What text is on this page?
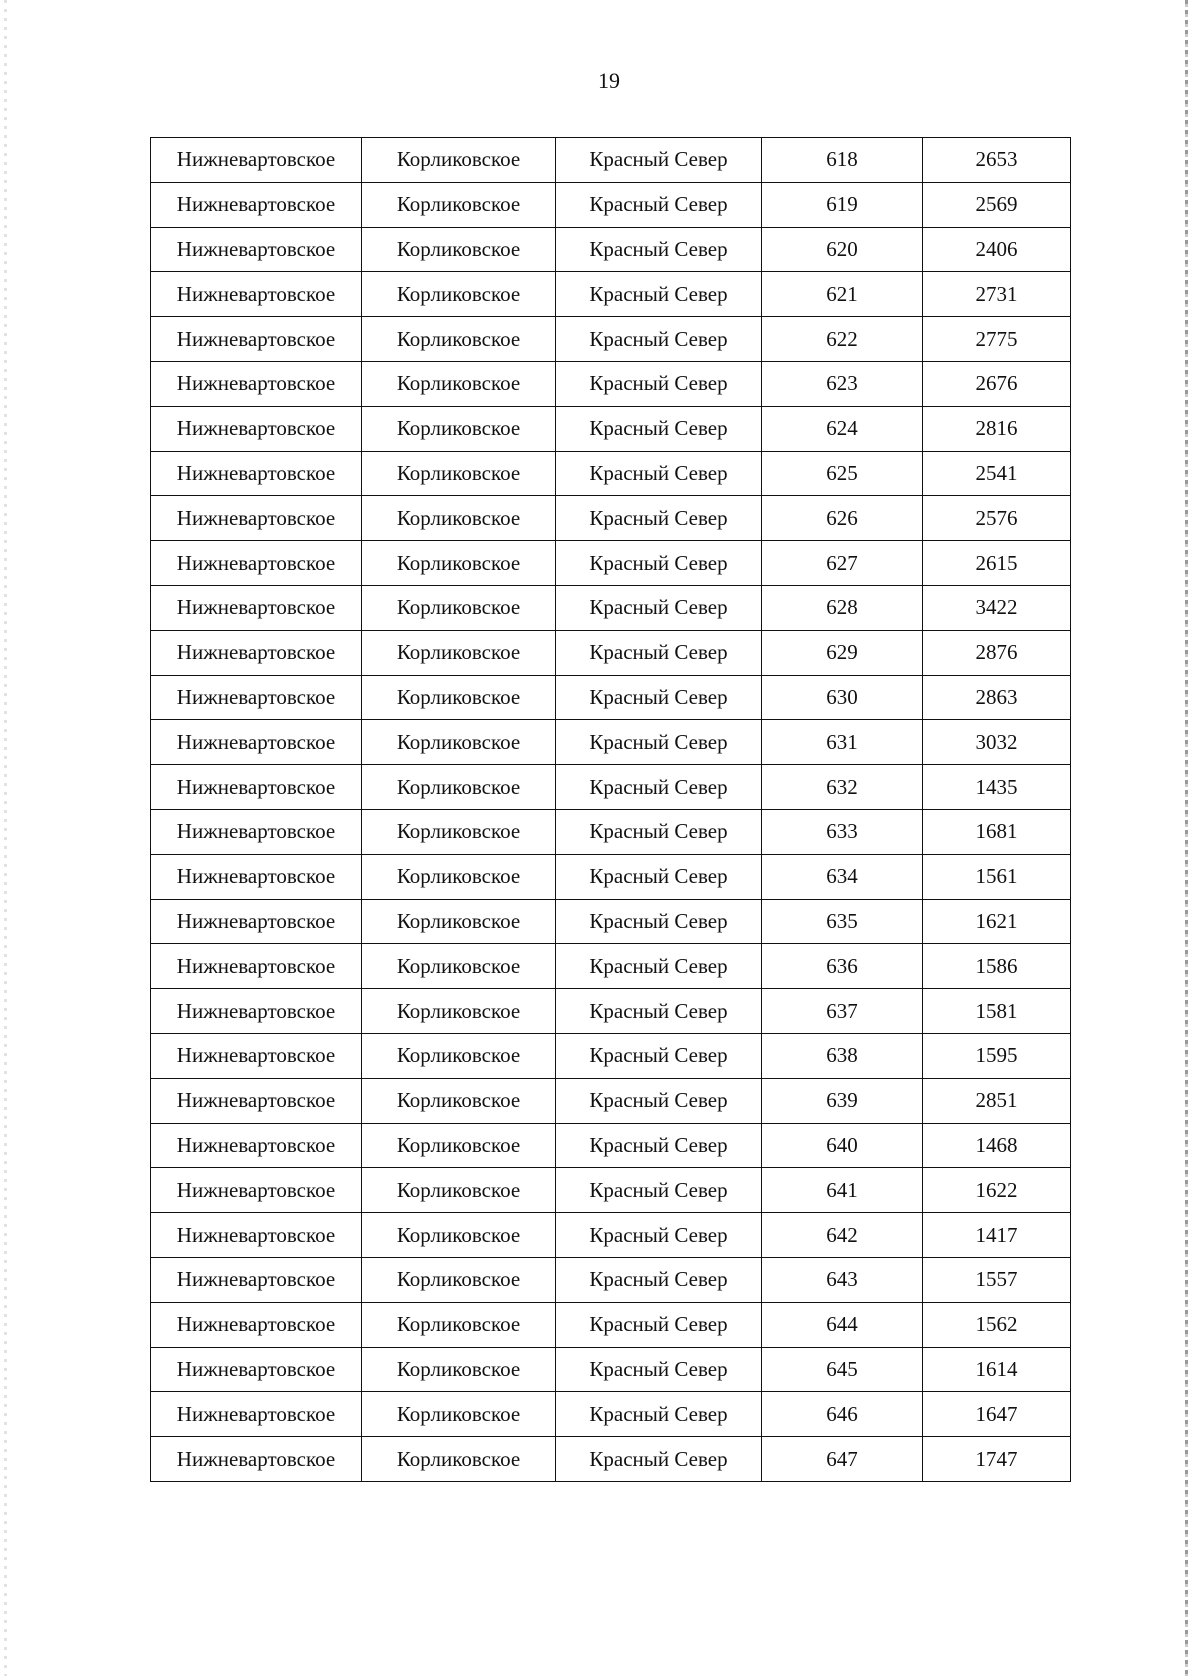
19
Нижневартовское	Корликовское	Красный Север	618	2653
Нижневартовское	Корликовское	Красный Север	619	2569
Нижневартовское	Корликовское	Красный Север	620	2406
Нижневартовское	Корликовское	Красный Север	621	2731
Нижневартовское	Корликовское	Красный Север	622	2775
Нижневартовское	Корликовское	Красный Север	623	2676
Нижневартовское	Корликовское	Красный Север	624	2816
Нижневартовское	Корликовское	Красный Север	625	2541
Нижневартовское	Корликовское	Красный Север	626	2576
Нижневартовское	Корликовское	Красный Север	627	2615
Нижневартовское	Корликовское	Красный Север	628	3422
Нижневартовское	Корликовское	Красный Север	629	2876
Нижневартовское	Корликовское	Красный Север	630	2863
Нижневартовское	Корликовское	Красный Север	631	3032
Нижневартовское	Корликовское	Красный Север	632	1435
Нижневартовское	Корликовское	Красный Север	633	1681
Нижневартовское	Корликовское	Красный Север	634	1561
Нижневартовское	Корликовское	Красный Север	635	1621
Нижневартовское	Корликовское	Красный Север	636	1586
Нижневартовское	Корликовское	Красный Север	637	1581
Нижневартовское	Корликовское	Красный Север	638	1595
Нижневартовское	Корликовское	Красный Север	639	2851
Нижневартовское	Корликовское	Красный Север	640	1468
Нижневартовское	Корликовское	Красный Север	641	1622
Нижневартовское	Корликовское	Красный Север	642	1417
Нижневартовское	Корликовское	Красный Север	643	1557
Нижневартовское	Корликовское	Красный Север	644	1562
Нижневартовское	Корликовское	Красный Север	645	1614
Нижневартовское	Корликовское	Красный Север	646	1647
Нижневартовское	Корликовское	Красный Север	647	1747
